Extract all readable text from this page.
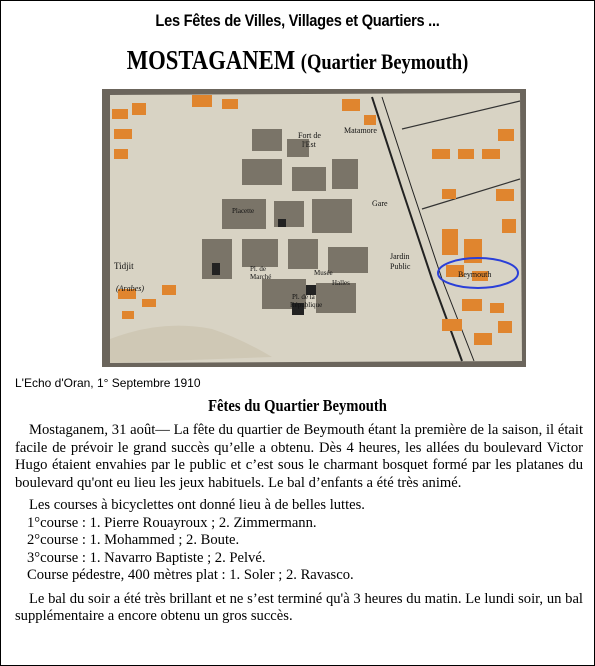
Les Fêtes de Villes, Villages et Quartiers ...
MOSTAGANEM (Quartier Beymouth)
Fort de
l'Est
Matamore
Gare
Jardin
Public
Tidjit
(Arabes)
Pl. de la
République
Placette
Pl. de
Marché	Musée
Halles
Beymouth
L'Echo d'Oran, 1° Septembre 1910
Fêtes du Quartier Beymouth

Mostaganem, 31 août— La fête du quartier de Beymouth étant la première de la saison, il était facile de prévoir le grand succès qu’elle a obtenu. Dès 4 heures, les allées du boulevard Victor Hugo étaient envahies par le public et c’est sous le charmant bosquet formé par les platanes du boulevard qu'ont eu lieu les jeux habituels. Le bal d’enfants a été très animé.

Les courses à bicyclettes ont donné lieu à de belles luttes.

1°course : 1. Pierre Rouayroux ; 2. Zimmermann.

2°course : 1. Mohammed ; 2. Boute.

3°course : 1. Navarro Baptiste ; 2. Pelvé.

Course pédestre, 400 mètres plat : 1. Soler ; 2. Ravasco.

Le bal du soir a été très brillant et ne s’est terminé qu'à 3 heures du matin. Le lundi soir, un bal supplémentaire a encore obtenu un gros succès.
